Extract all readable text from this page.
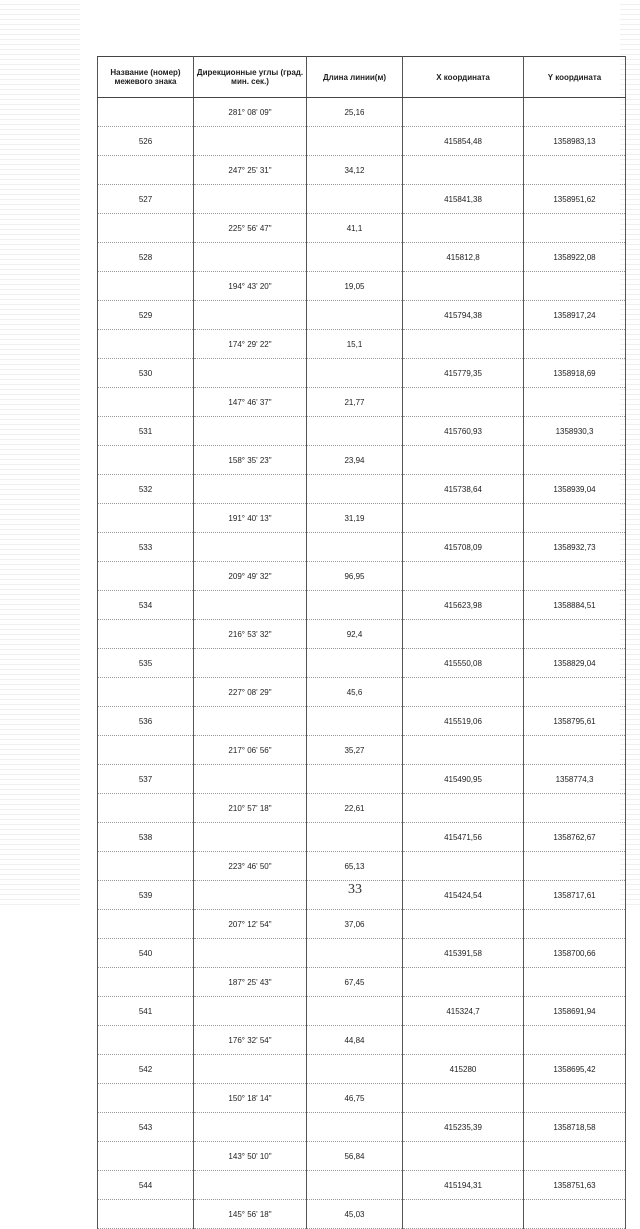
Название (номер) межевого знака	Дирекционные углы (град. мин. сек.)	Длина линии(м)	X координата	Y координата
	281° 08' 09"	25,16		
526			415854,48	1358983,13
	247° 25' 31"	34,12		
527			415841,38	1358951,62
	225° 56' 47"	41,1		
528			415812,8	1358922,08
	194° 43' 20"	19,05		
529			415794,38	1358917,24
	174° 29' 22"	15,1		
530			415779,35	1358918,69
	147° 46' 37"	21,77		
531			415760,93	1358930,3
	158° 35' 23"	23,94		
532			415738,64	1358939,04
	191° 40' 13"	31,19		
533			415708,09	1358932,73
	209° 49' 32"	96,95		
534			415623,98	1358884,51
	216° 53' 32"	92,4		
535			415550,08	1358829,04
	227° 08' 29"	45,6		
536			415519,06	1358795,61
	217° 06' 56"	35,27		
537			415490,95	1358774,3
	210° 57' 18"	22,61		
538			415471,56	1358762,67
	223° 46' 50"	65,13		
539			415424,54	1358717,61
	207° 12' 54"	37,06		
540			415391,58	1358700,66
	187° 25' 43"	67,45		
541			415324,7	1358691,94
	176° 32' 54"	44,84		
542			415280	1358695,42
	150° 18' 14"	46,75		
543			415235,39	1358718,58
	143° 50' 10"	56,84		
544			415194,31	1358751,63
	145° 56' 18"	45,03		
33
